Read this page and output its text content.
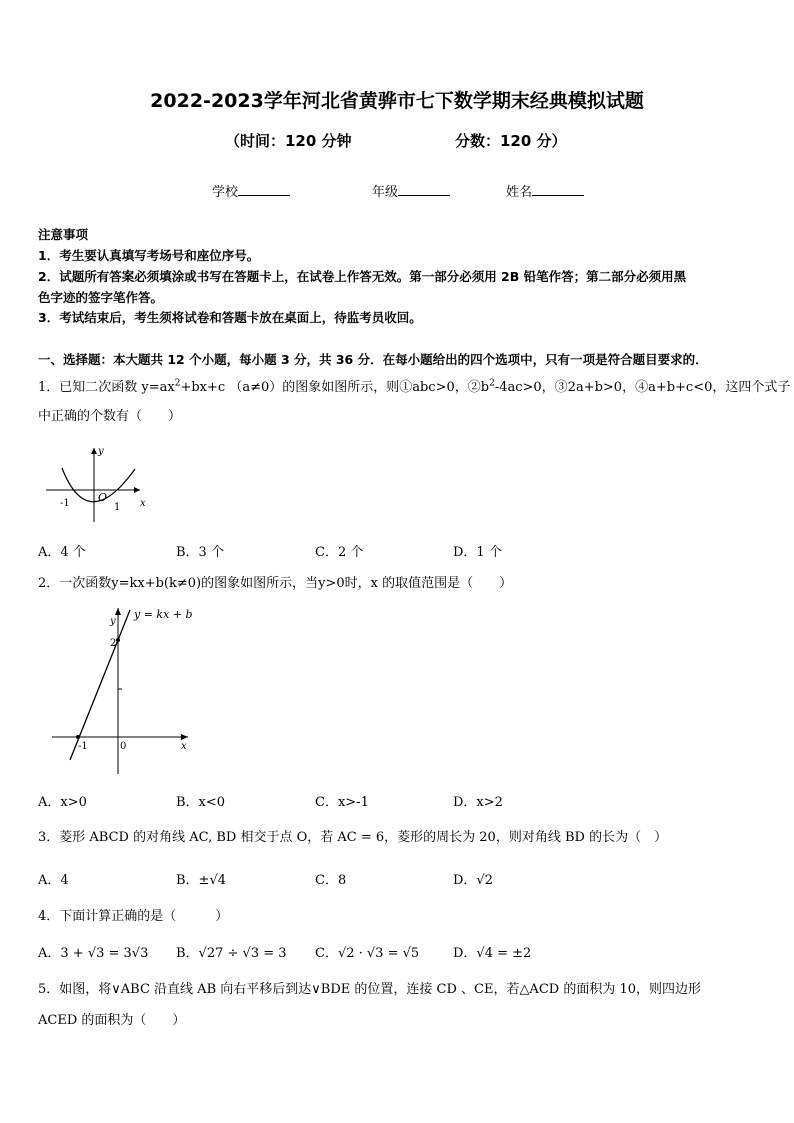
2022-2023学年河北省黄骅市七下数学期末经典模拟试题
（时间：120 分钟	分数：120 分）
学校	年级	姓名
注意事项
1．考生要认真填写考场号和座位序号。
2．试题所有答案必须填涂或书写在答题卡上，在试卷上作答无效。第一部分必须用 2B 铅笔作答；第二部分必须用黑
色字迹的签字笔作答。
3．考试结束后，考生须将试卷和答题卡放在桌面上，待监考员收回。
一、选择题：本大题共 12 个小题，每小题 3 分，共 36 分．在每小题给出的四个选项中，只有一项是符合题目要求的．
1．已知二次函数 $y=ax^2+bx+c$ （a≠0）的图象如图所示，则①abc>0，$②b^2-4ac>0$，③2a+b>0，④a+b+c<0，这四个式子
中正确的个数有（　　）
y
x
O
-1	1
A．4 个	B．3 个	C．2 个	D．1 个
2．一次函数y=kx+b(k≠0)的图象如图所示，当y>0时，x 的取值范围是（　　）
y = kx + b
y
2
0
-1	x
A．x>0	B．x<0	C．x>-1	D．x>2
3．菱形 ABCD 的对角线 AC, BD 相交于点 O，若 AC = 6，菱形的周长为 20，则对角线 BD 的长为（　）
A．4	B．±√4	C．8	D．√2
4．下面计算正确的是（　　　）
A．3 + √3 = 3√3 B．√27 ÷ √3 = 3 C．√2 · √3 = √5	D．√4 = ±2
5．如图，将∨ABC 沿直线 AB 向右平移后到达∨BDE 的位置，连接 CD 、CE，若△ACD 的面积为 10，则四边形
ACED 的面积为（　　）
